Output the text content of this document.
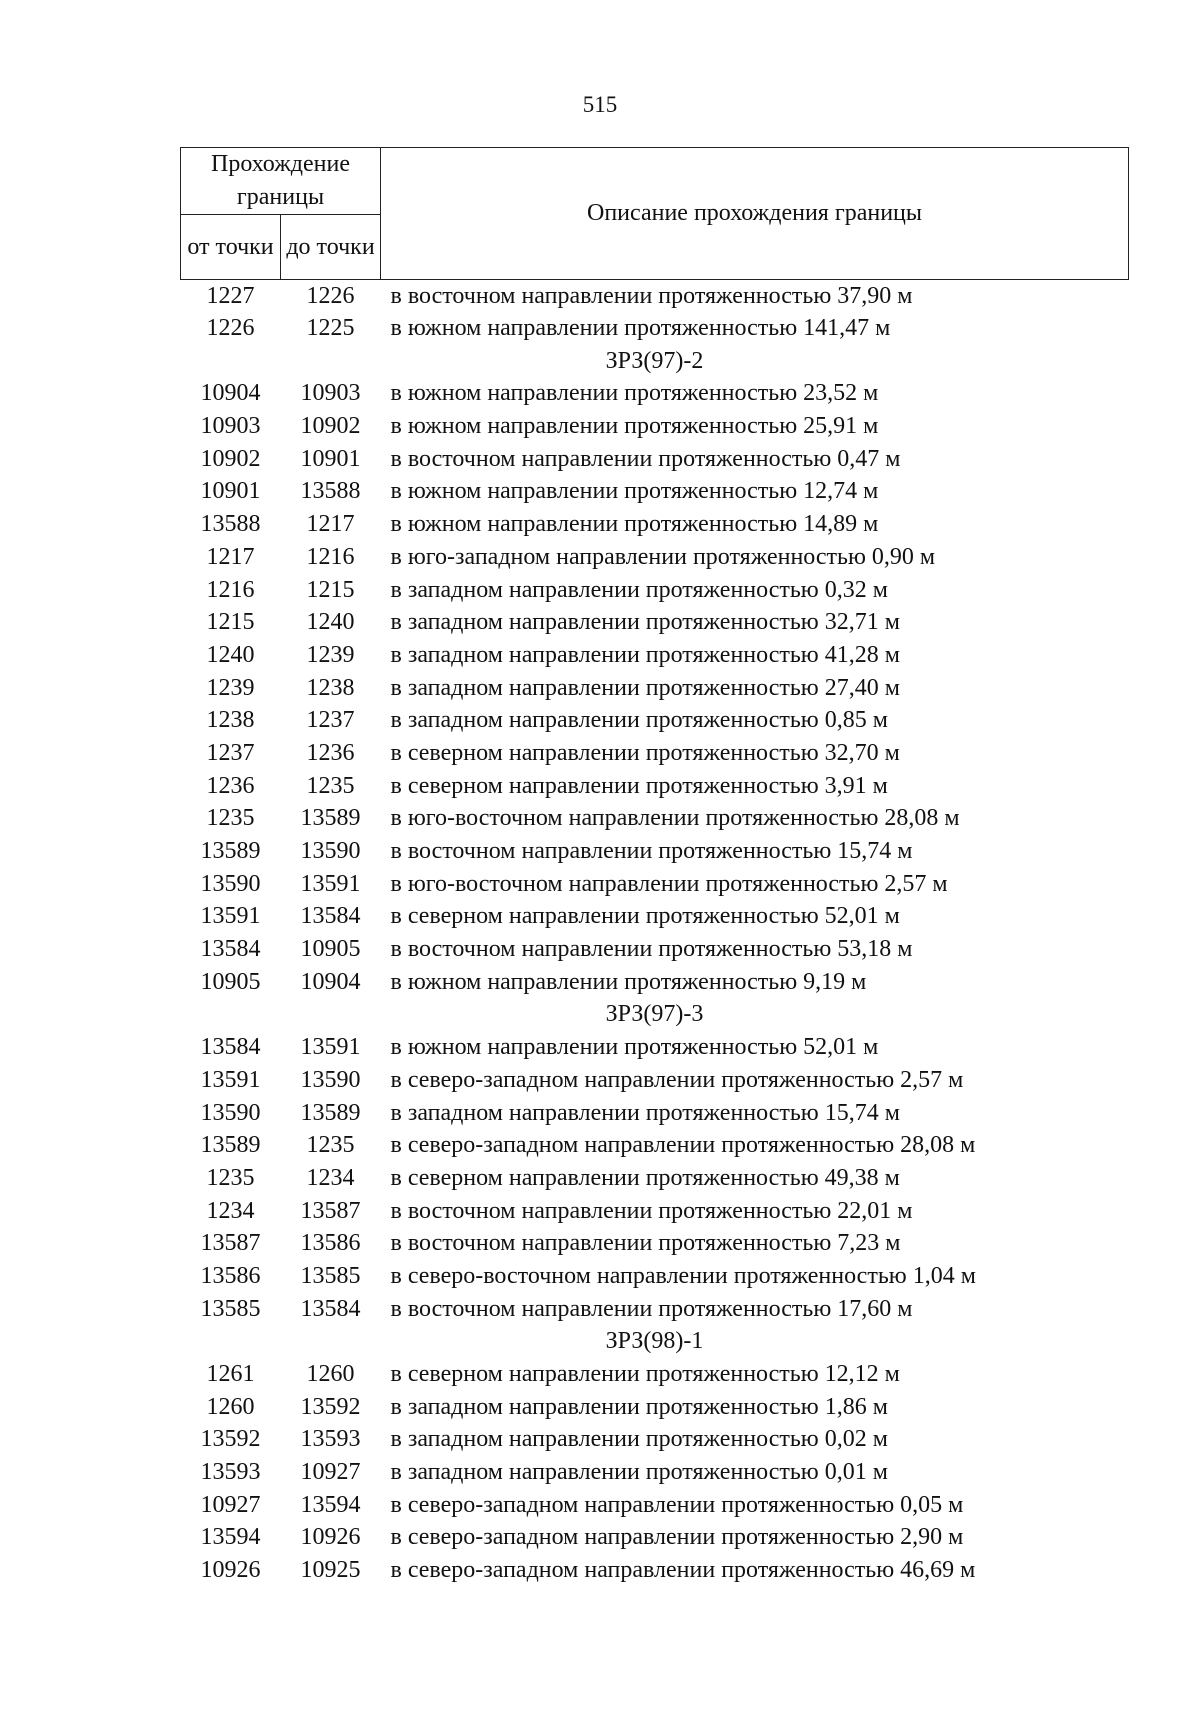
515
Прохождение границы		Описание прохождения границы
от точки	до точки	
1227	1226	в восточном направлении протяженностью 37,90 м
1226	1225	в южном направлении протяженностью 141,47 м
ЗРЗ(97)-2		
10904	10903	в южном направлении протяженностью 23,52 м
10903	10902	в южном направлении протяженностью 25,91 м
10902	10901	в восточном направлении протяженностью 0,47 м
10901	13588	в южном направлении протяженностью 12,74 м
13588	1217	в южном направлении протяженностью 14,89 м
1217	1216	в юго-западном направлении протяженностью 0,90 м
1216	1215	в западном направлении протяженностью 0,32 м
1215	1240	в западном направлении протяженностью 32,71 м
1240	1239	в западном направлении протяженностью 41,28 м
1239	1238	в западном направлении протяженностью 27,40 м
1238	1237	в западном направлении протяженностью 0,85 м
1237	1236	в северном направлении протяженностью 32,70 м
1236	1235	в северном направлении протяженностью 3,91 м
1235	13589	в юго-восточном направлении протяженностью 28,08 м
13589	13590	в восточном направлении протяженностью 15,74 м
13590	13591	в юго-восточном направлении протяженностью 2,57 м
13591	13584	в северном направлении протяженностью 52,01 м
13584	10905	в восточном направлении протяженностью 53,18 м
10905	10904	в южном направлении протяженностью 9,19 м
ЗРЗ(97)-3		
13584	13591	в южном направлении протяженностью 52,01 м
13591	13590	в северо-западном направлении протяженностью 2,57 м
13590	13589	в западном направлении протяженностью 15,74 м
13589	1235	в северо-западном направлении протяженностью 28,08 м
1235	1234	в северном направлении протяженностью 49,38 м
1234	13587	в восточном направлении протяженностью 22,01 м
13587	13586	в восточном направлении протяженностью 7,23 м
13586	13585	в северо-восточном направлении протяженностью 1,04 м
13585	13584	в восточном направлении протяженностью 17,60 м
ЗРЗ(98)-1		
1261	1260	в северном направлении протяженностью 12,12 м
1260	13592	в западном направлении протяженностью 1,86 м
13592	13593	в западном направлении протяженностью 0,02 м
13593	10927	в западном направлении протяженностью 0,01 м
10927	13594	в северо-западном направлении протяженностью 0,05 м
13594	10926	в северо-западном направлении протяженностью 2,90 м
10926	10925	в северо-западном направлении протяженностью 46,69 м
